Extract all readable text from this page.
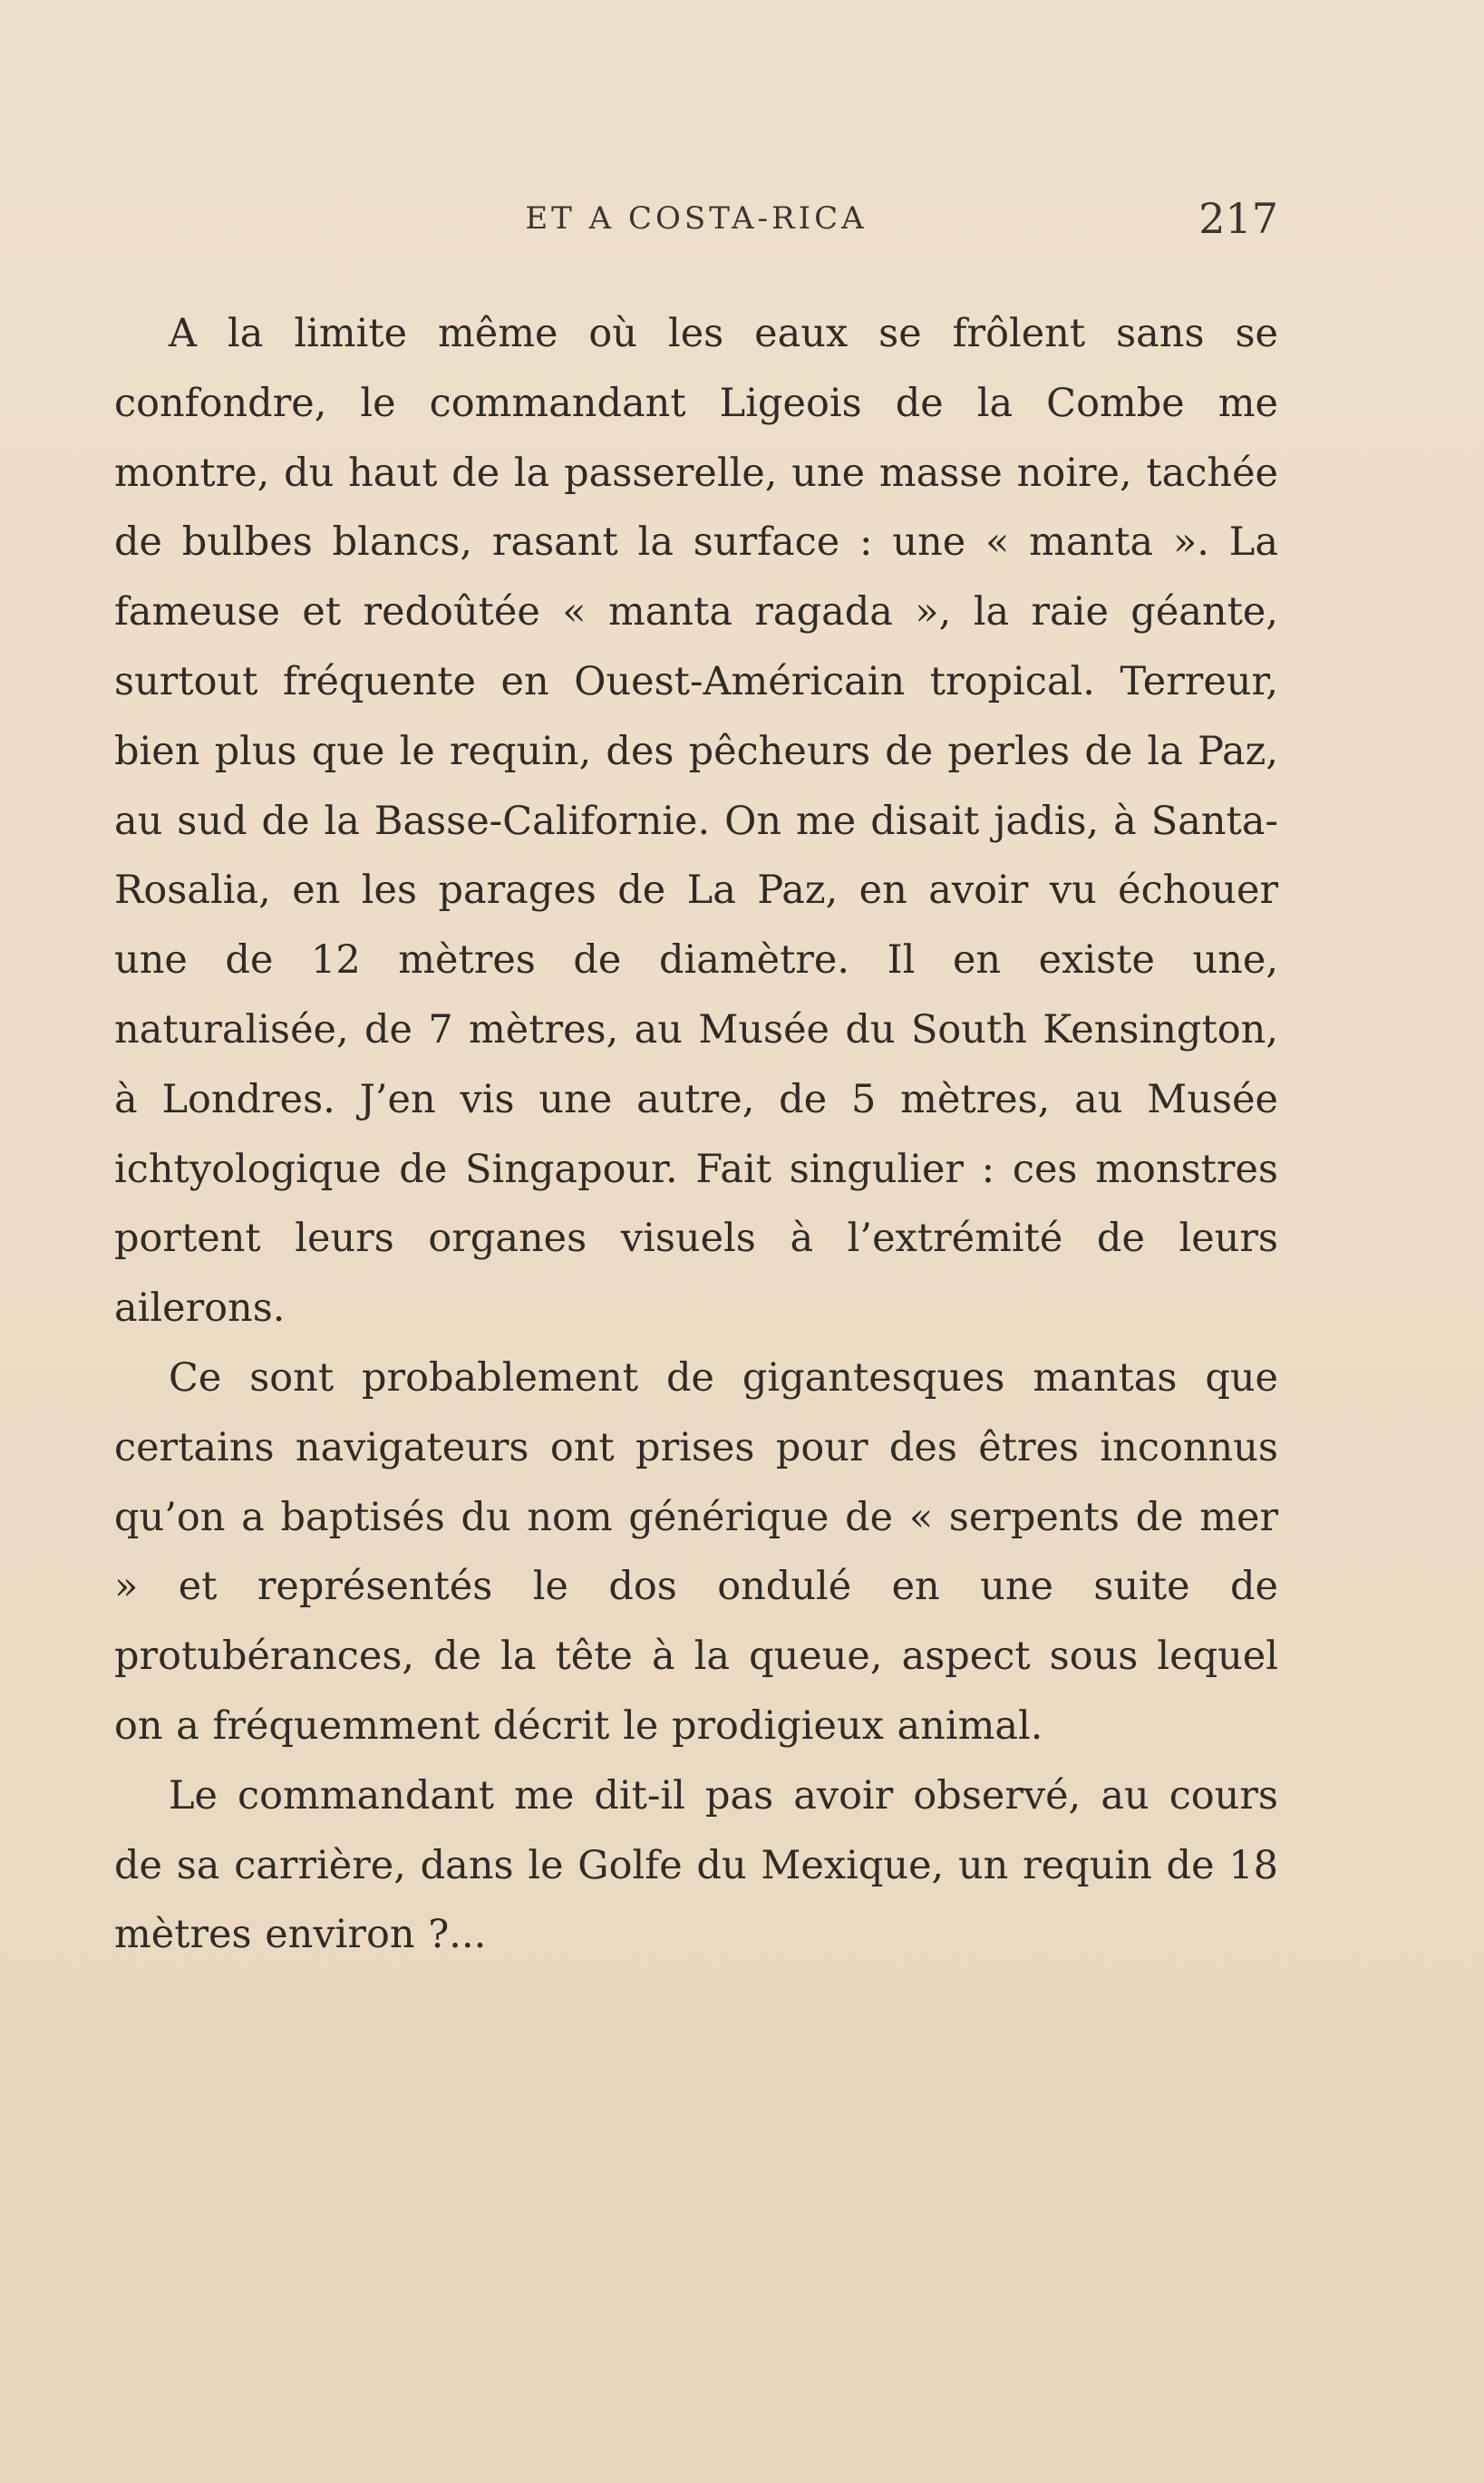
ET A COSTA-RICA	217

A la limite même où les eaux se frôlent sans se confondre, le commandant Ligeois de la Combe me montre, du haut de la passerelle, une masse noire, tachée de bulbes blancs, rasant la surface : une « manta ». La fameuse et redoûtée « manta ragada », la raie géante, surtout fréquente en Ouest-Américain tropical. Terreur, bien plus que le requin, des pêcheurs de perles de la Paz, au sud de la Basse-Californie. On me disait jadis, à Santa-Rosalia, en les parages de La Paz, en avoir vu échouer une de 12 mètres de diamètre. Il en existe une, naturalisée, de 7 mètres, au Musée du South Kensington, à Londres. J’en vis une autre, de 5 mètres, au Musée ichtyologique de Singapour. Fait singulier : ces monstres portent leurs organes visuels à l’extrémité de leurs ailerons.

Ce sont probablement de gigantesques mantas que certains navigateurs ont prises pour des êtres inconnus qu’on a baptisés du nom générique de « serpents de mer » et représentés le dos ondulé en une suite de protubérances, de la tête à la queue, aspect sous lequel on a fréquemment décrit le prodigieux animal.

Le commandant me dit-il pas avoir observé, au cours de sa carrière, dans le Golfe du Mexique, un requin de 18 mètres environ ?...
